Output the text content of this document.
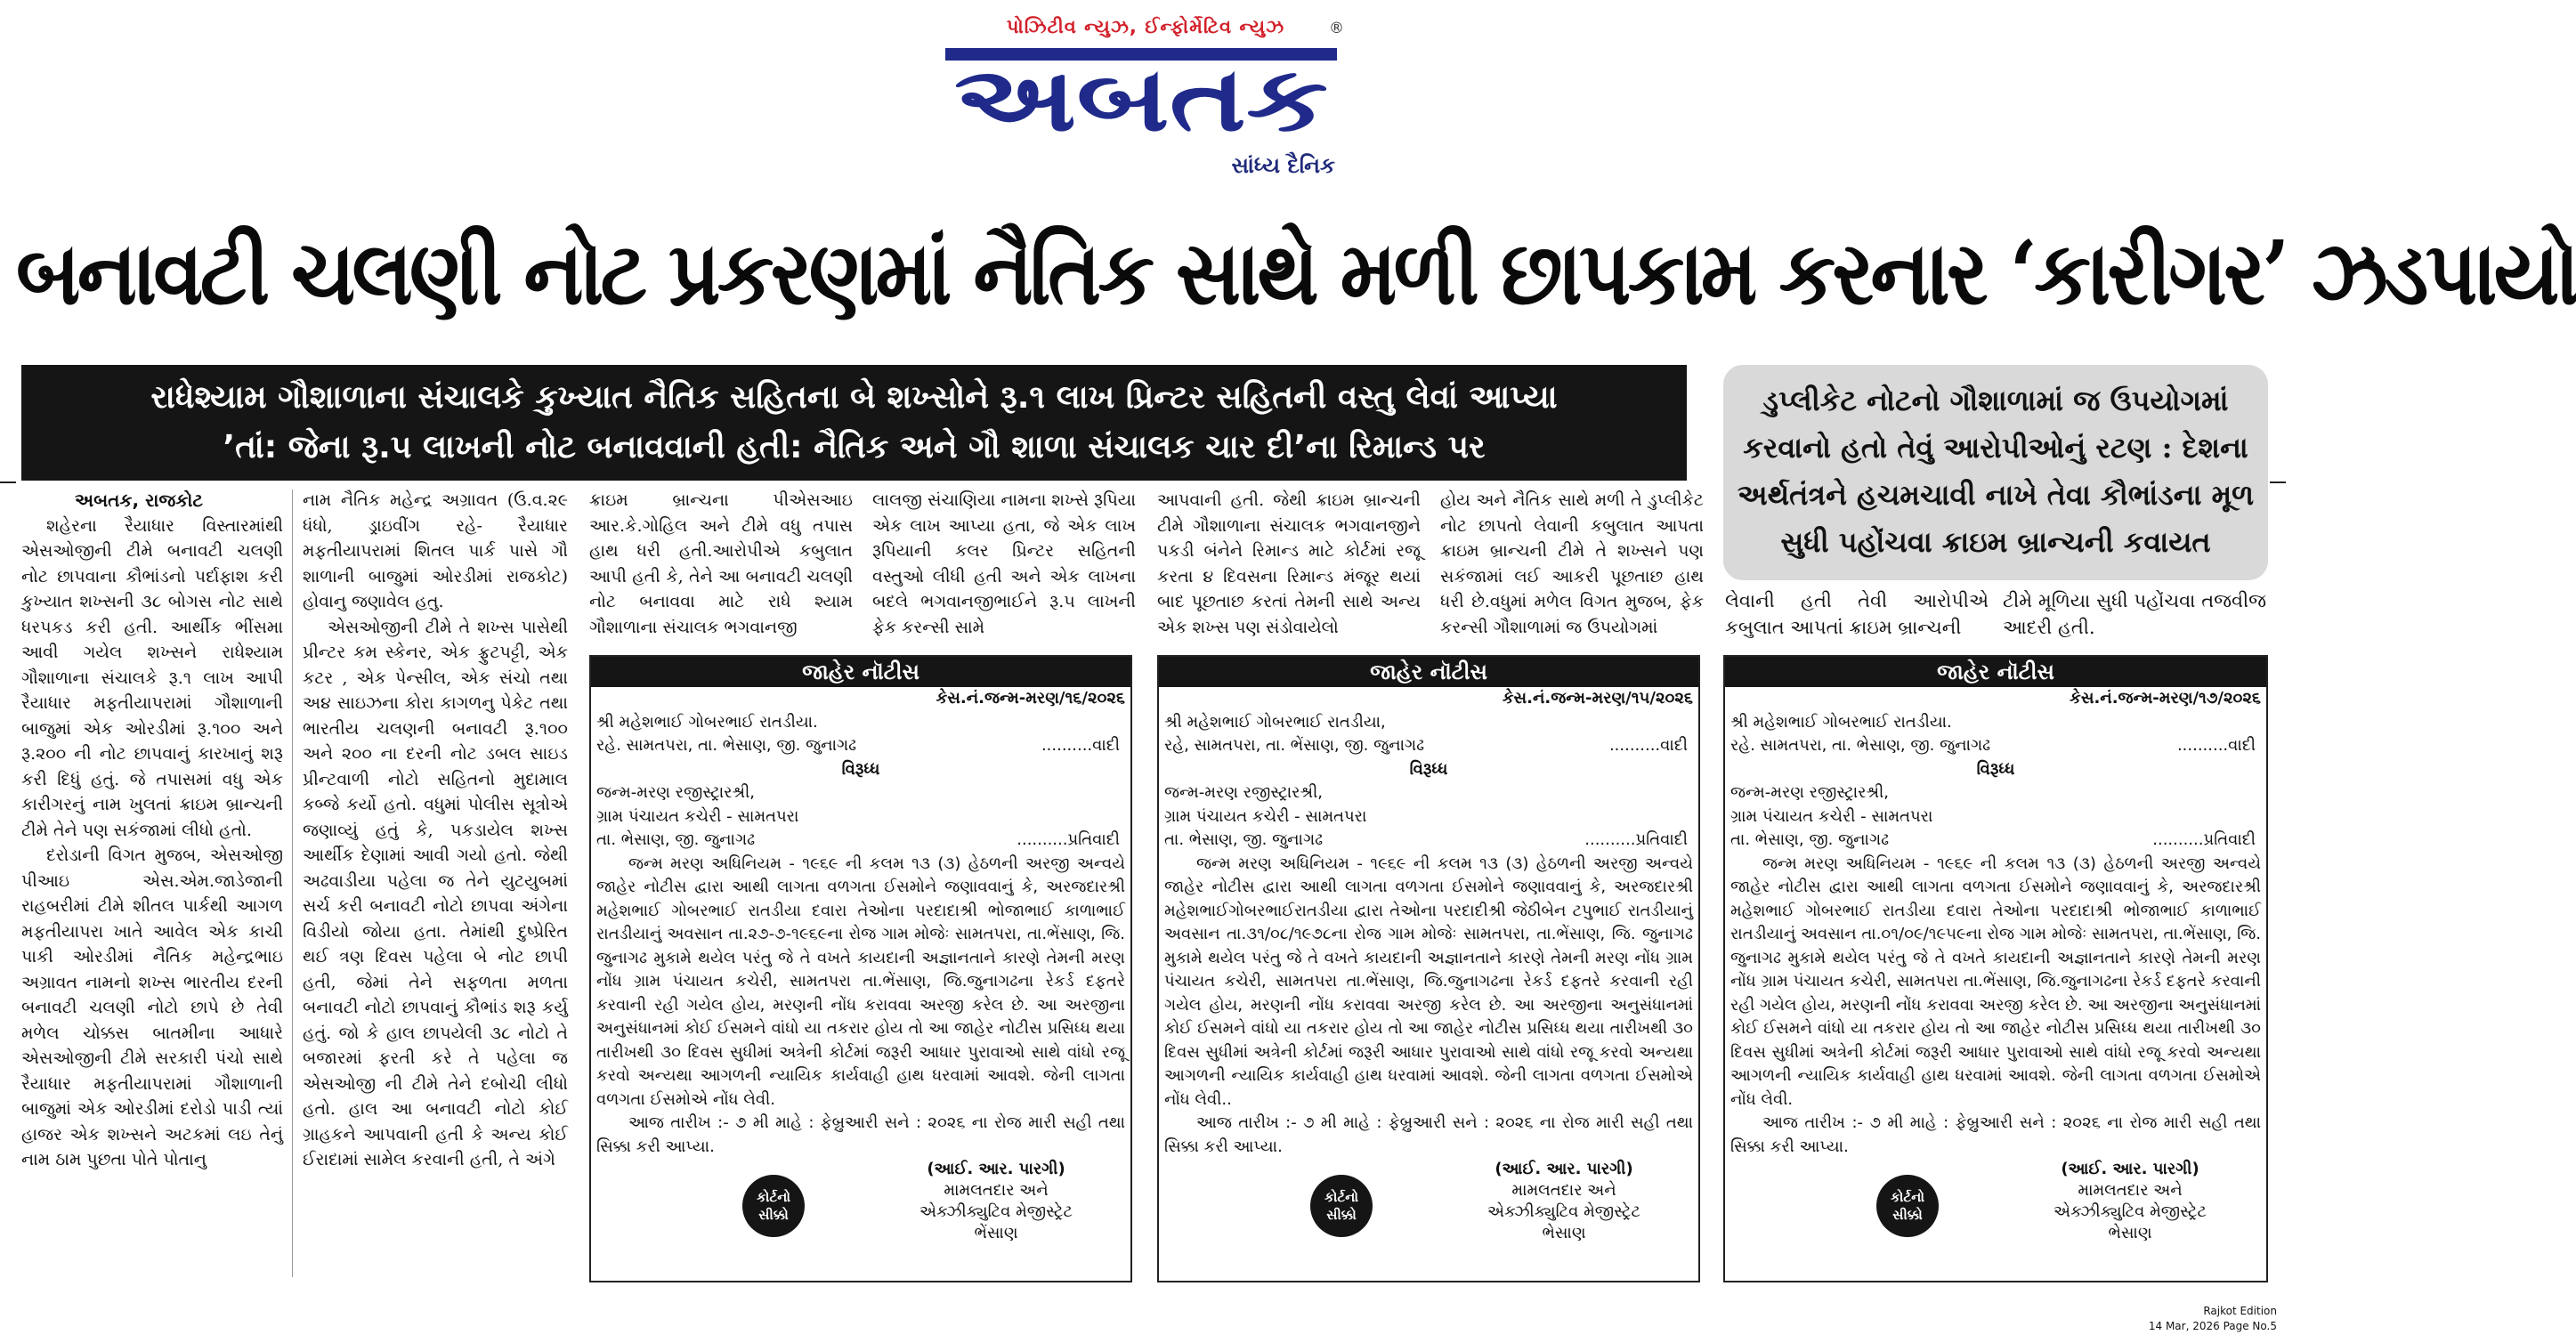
પોઝિટીવ ન્યુઝ, ઈન્ફોર્મેટિવ ન્યુઝ	®
અબતક
સાંધ્ય દૈનિક
બનાવટી ચલણી નોટ પ્રકરણમાં નૈતિક સાથે મળી છાપકામ કરનાર ‘કારીગર’ ઝડપાયો
રાધેશ્યામ ગૌશાળાના સંચાલકે કુખ્યાત નૈતિક સહિતના બે શખ્સોને રૂ.૧ લાખ પ્રિન્ટર સહિતની વસ્તુ લેવાં આપ્યા
’તાં: જેના રૂ.૫ લાખની નોટ બનાવવાની હતી: નૈતિક અને ગૌ શાળા સંચાલક ચાર દી’ના રિમાન્ડ પર
ડુપ્લીકેટ નોટનો ગૌશાળામાં જ ઉપયોગમાં
કરવાનો હતો તેવું આરોપીઓનું રટણ : દેશના
અર્થતંત્રને હચમચાવી નાખે તેવા કૌભાંડના મૂળ
સુધી પહોંચવા ક્રાઇમ બ્રાન્ચની કવાયત

અબતક, રાજકોટ

શહેરના રૈયાધાર વિસ્તારમાંથી એસઓજીની ટીમે બનાવટી ચલણી નોટ છાપવાના કૌભાંડનો પર્દાફાશ કરી કુખ્યાત શખ્સની ૩૮ બોગસ નોટ સાથે ધરપકડ કરી હતી. આર્થીક ભીંસમા આવી ગયેલ શખ્સને રાધેશ્યામ ગૌશાળાના સંચાલકે રૂ.૧ લાખ આપી રૈયાધાર મફતીયાપરામાં ગૌશાળાની બાજુમાં એક ઓરડીમાં રૂ.૧૦૦ અને રૂ.૨૦૦ ની નોટ છાપવાનું કારખાનું શરૂ કરી દિધું હતું. જે તપાસમાં વધુ એક કારીગરનું નામ ખુલતાં ક્રાઇમ બ્રાન્ચની ટીમે તેને પણ સકંજામાં લીધો હતો.

દરોડાની વિગત મુજબ, એસઓજી પીઆઇ એસ.એમ.જાડેજાની રાહબરીમાં ટીમે શીતલ પાર્કથી આગળ મફતીયાપરા ખાતે આવેલ એક કાચી પાકી ઓરડીમાં નૈતિક મહેન્દ્રભાઇ અગ્રાવત નામનો શખ્સ ભારતીય દરની બનાવટી ચલણી નોટો છાપે છે તેવી મળેલ ચોક્કસ બાતમીના આધારે એસઓજીની ટીમે સરકારી પંચો સાથે રૈયાધાર મફતીયાપરામાં ગૌશાળાની બાજુમાં એક ઓરડીમાં દરોડો પાડી ત્યાં હાજર એક શખ્સને અટકમાં લઇ તેનું નામ ઠામ પુછતા પોતે પોતાનુ

નામ નૈતિક મહેન્દ્ર અગ્રાવત (ઉ.વ.૨૯ ધંધો, ડ્રાઇવીંગ રહે- રૈયાધાર મફતીયાપરામાં શિતલ પાર્ક પાસે ગૌ શાળાની બાજુમાં ઓરડીમાં રાજકોટ) હોવાનુ જણાવેલ હતુ.

એસઓજીની ટીમે તે શખ્સ પાસેથી પ્રીન્ટર કમ સ્કેનર, એક ફ્રુટપટ્ટી, એક કટર , એક પેન્સીલ, એક સંચો તથા અ૪ સાઇઝના કોરા કાગળનુ પેકેટ તથા ભારતીય ચલણની બનાવટી રૂ.૧૦૦ અને ૨૦૦ ના દરની નોટ ડબલ સાઇડ પ્રીન્ટવાળી નોટો સહિતનો મુદામાલ કબ્જે કર્યો હતો. વધુમાં પોલીસ સૂત્રોએ જણાવ્યું હતું કે, પકડાયેલ શખ્સ આર્થીક દેણામાં આવી ગયો હતો. જેથી અઢવાડીયા પહેલા જ તેને યુટયુબમાં સર્ચ કરી બનાવટી નોટો છાપવા અંગેના વિડીયો જોયા હતા. તેમાંથી દુષ્પ્રેરિત થઈ ત્રણ દિવસ પહેલા બે નોટ છાપી હતી, જેમાં તેને સફળતા મળતા બનાવટી નોટો છાપવાનું કૌભાંડ શરૂ કર્યુ હતું. જો કે હાલ છાપયેલી ૩૮ નોટો તે બજારમાં ફરતી કરે તે પહેલા જ એસઓજી ની ટીમે તેને દબોચી લીધો હતો. હાલ આ બનાવટી નોટો કોઈ ગ્રાહકને આપવાની હતી કે અન્ય કોઈ ઈરાદામાં સામેલ કરવાની હતી, તે અંગે

ક્રાઇમ બ્રાન્ચના પીએસઆઇ આર.કે.ગોહિલ અને ટીમે વધુ તપાસ હાથ ધરી હતી.આરોપીએ કબુલાત આપી હતી કે, તેને આ બનાવટી ચલણી નોટ બનાવવા માટે રાધે શ્યામ ગૌશાળાના સંચાલક ભગવાનજી
લાલજી સંચાણિયા નામના શખ્સે રૂપિયા એક લાખ આપ્યા હતા, જે એક લાખ રૂપિયાની કલર પ્રિન્ટર સહિતની વસ્તુઓ લીધી હતી અને એક લાખના બદલે ભગવાનજીભાઈને રૂ.૫ લાખની ફેક કરન્સી સામે
આપવાની હતી. જેથી ક્રાઇમ બ્રાન્ચની ટીમે ગૌશાળાના સંચાલક ભગવાનજીને પકડી બંનેને રિમાન્ડ માટે કોર્ટમાં રજૂ કરતા ૪ દિવસના રિમાન્ડ મંજૂર થયાં બાદ પૂછતાછ કરતાં તેમની સાથે અન્ય એક શખ્સ પણ સંડોવાયેલો
હોય અને નૈતિક સાથે મળી તે ડુપ્લીકેટ નોટ છાપતો લેવાની કબુલાત આપતા ક્રાઇમ બ્રાન્ચની ટીમે તે શખ્સને પણ સકંજામાં લઈ આકરી પૂછતાછ હાથ ધરી છે.વધુમાં મળેલ વિગત મુજબ, ફેક કરન્સી ગૌશાળામાં જ ઉપયોગમાં
લેવાની હતી તેવી આરોપીએ કબુલાત આપતાં ક્રાઇમ બ્રાન્ચની
ટીમે મૂળિયા સુધી પહોંચવા તજવીજ આદરી હતી.
જાહેર નૉટીસ
કેસ.નં.જન્મ-મરણ/૧૬/૨૦૨૬
શ્રી મહેશભાઈ ગોબરભાઈ રાતડીયા.
રહે. સામતપરા, તા. ભેસાણ, જી. જુનાગઢ	..........વાદી
વિરૂધ્ધ
જન્મ-મરણ રજીસ્ટ્રારશ્રી,
ગ્રામ પંચાયત કચેરી - સામતપરા
તા. ભેસાણ, જી. જુનાગઢ	..........પ્રતિવાદી
જન્મ મરણ અધિનિયમ - ૧૯૬૯ ની કલમ ૧૩ (૩) હેઠળની અરજી અન્વયે જાહેર નોટીસ દ્વારા આથી લાગતા વળગતા ઈસમોને જણાવવાનું કે, અરજદારશ્રી મહેશભાઈ ગોબરભાઈ રાતડીયા દવારા તેઓના પરદાદાશ્રી ભોજાભાઈ કાળાભાઈ રાતડીયાનું અવસાન તા.૨૭-૭-૧૯૬૯ના રોજ ગામ મોજેઃ સામતપરા, તા.ભેંસાણ, જિ. જુનાગઢ મુકામે થયેલ પરંતુ જે તે વખતે કાયદાની અજ્ઞાનતાને કારણે તેમની મરણ નોંધ ગ્રામ પંચાયત કચેરી, સામતપરા તા.ભેંસાણ, જિ.જુનાગઢના રેકર્ડ દફતરે કરવાની રહી ગયેલ હોય, મરણની નોંધ કરાવવા અરજી કરેલ છે. આ અરજીના અનુસંધાનમાં કોઈ ઈસમને વાંધો યા તકરાર હોય તો આ જાહેર નોટીસ પ્રસિધ્ધ થયા તારીખથી ૩૦ દિવસ સુધીમાં અત્રેની કોર્ટમાં જરૂરી આધાર પુરાવાઓ સાથે વાંધો રજૂ કરવો અન્યથા આગળની ન્યાયિક કાર્યવાહી હાથ ધરવામાં આવશે. જેની લાગતા વળગતા ઈસમોએ નોંધ લેવી.
આજ તારીખ :- ૭ મી માહે : ફેબ્રુઆરી સને : ૨૦૨૬ ના રોજ મારી સહી તથા સિક્કા કરી આપ્યા.
કોર્ટનો
સીક્કો
(આઈ. આર. પારગી)
મામલતદાર અને
એક્ઝીક્યુટિવ મેજીસ્ટ્રેટ
ભેંસાણ
જાહેર નૉટીસ
કેસ.નં.જન્મ-મરણ/૧૫/૨૦૨૬
શ્રી મહેશભાઈ ગોબરભાઈ રાતડીયા,
રહે, સામતપરા, તા. ભેંસાણ, જી. જુનાગઢ	..........વાદી
વિરૂધ્ધ
જન્મ-મરણ રજીસ્ટ્રારશ્રી,
ગ્રામ પંચાયત કચેરી - સામતપરા
તા. ભેસાણ, જી. જુનાગઢ	..........પ્રતિવાદી
જન્મ મરણ અધિનિયમ - ૧૯૬૯ ની કલમ ૧૩ (૩) હેઠળની અરજી અન્વયે જાહેર નોટીસ દ્વારા આથી લાગતા વળગતા ઈસમોને જણાવવાનું કે, અરજદારશ્રી મહેશભાઈગોબરભાઈરાતડીયા દ્વારા તેઓના પરદાદીશ્રી જેઠીબેન ટપુભાઈ રાતડીયાનું અવસાન તા.૩૧/૦૮/૧૯૭૮ના રોજ ગામ મોજેઃ સામતપરા, તા.ભેંસાણ, જિ. જુનાગઢ મુકામે થયેલ પરંતુ જે તે વખતે કાયદાની અજ્ઞાનતાને કારણે તેમની મરણ નોંધ ગ્રામ પંચાયત કચેરી, સામતપરા તા.ભેંસાણ, જિ.જુનાગઢના રેકર્ડ દફતરે કરવાની રહી ગયેલ હોય, મરણની નોંધ કરાવવા અરજી કરેલ છે. આ અરજીના અનુસંધાનમાં કોઈ ઈસમને વાંધો યા તકરાર હોય તો આ જાહેર નોટીસ પ્રસિધ્ધ થયા તારીખથી ૩૦ દિવસ સુધીમાં અત્રેની કોર્ટમાં જરૂરી આધાર પુરાવાઓ સાથે વાંધો રજૂ કરવો અન્યથા આગળની ન્યાયિક કાર્યવાહી હાથ ધરવામાં આવશે. જેની લાગતા વળગતા ઈસમોએ નોંધ લેવી..
આજ તારીખ :- ૭ મી માહે : ફેબ્રુઆરી સને : ૨૦૨૬ ના રોજ મારી સહી તથા સિક્કા કરી આપ્યા.
કોર્ટનો
સીક્કો
(આઈ. આર. પારગી)
મામલતદાર અને
એક્ઝીક્યુટિવ મેજીસ્ટ્રેટ
ભેસાણ
જાહેર નૉટીસ
કેસ.નં.જન્મ-મરણ/૧૭/૨૦૨૬
શ્રી મહેશભાઈ ગોબરભાઈ રાતડીયા.
રહે. સામતપરા, તા. ભેસાણ, જી. જુનાગઢ	..........વાદી
વિરૂધ્ધ
જન્મ-મરણ રજીસ્ટ્રારશ્રી,
ગ્રામ પંચાયત કચેરી - સામતપરા
તા. ભેસાણ, જી. જુનાગઢ	..........પ્રતિવાદી
જન્મ મરણ અધિનિયમ - ૧૯૬૯ ની કલમ ૧૩ (૩) હેઠળની અરજી અન્વયે જાહેર નોટીસ દ્વારા આથી લાગતા વળગતા ઈસમોને જણાવવાનું કે, અરજદારશ્રી મહેશભાઈ ગોબરભાઈ રાતડીયા દવારા તેઓના પરદાદાશ્રી ભોજાભાઈ કાળાભાઈ રાતડીયાનું અવસાન તા.૦૧/૦૯/૧૯૫૯ના રોજ ગામ મોજેઃ સામતપરા, તા.ભેંસાણ, જિ. જુનાગઢ મુકામે થયેલ પરંતુ જે તે વખતે કાયદાની અજ્ઞાનતાને કારણે તેમની મરણ નોંધ ગ્રામ પંચાયત કચેરી, સામતપરા તા.ભેંસાણ, જિ.જુનાગઢના રેકર્ડ દફતરે કરવાની રહી ગયેલ હોય, મરણની નોંધ કરાવવા અરજી કરેલ છે. આ અરજીના અનુસંધાનમાં કોઈ ઈસમને વાંધો યા તકરાર હોય તો આ જાહેર નોટીસ પ્રસિધ્ધ થયા તારીખથી ૩૦ દિવસ સુધીમાં અત્રેની કોર્ટમાં જરૂરી આધાર પુરાવાઓ સાથે વાંધો રજૂ કરવો અન્યથા આગળની ન્યાયિક કાર્યવાહી હાથ ધરવામાં આવશે. જેની લાગતા વળગતા ઈસમોએ નોંધ લેવી.
આજ તારીખ :- ૭ મી માહે : ફેબ્રુઆરી સને : ૨૦૨૬ ના રોજ મારી સહી તથા સિક્કા કરી આપ્યા.
કોર્ટનો
સીક્કો
(આઈ. આર. પારગી)
મામલતદાર અને
એક્ઝીક્યુટિવ મેજીસ્ટ્રેટ
ભેસાણ
Rajkot Edition
14 Mar, 2026 Page No.5
